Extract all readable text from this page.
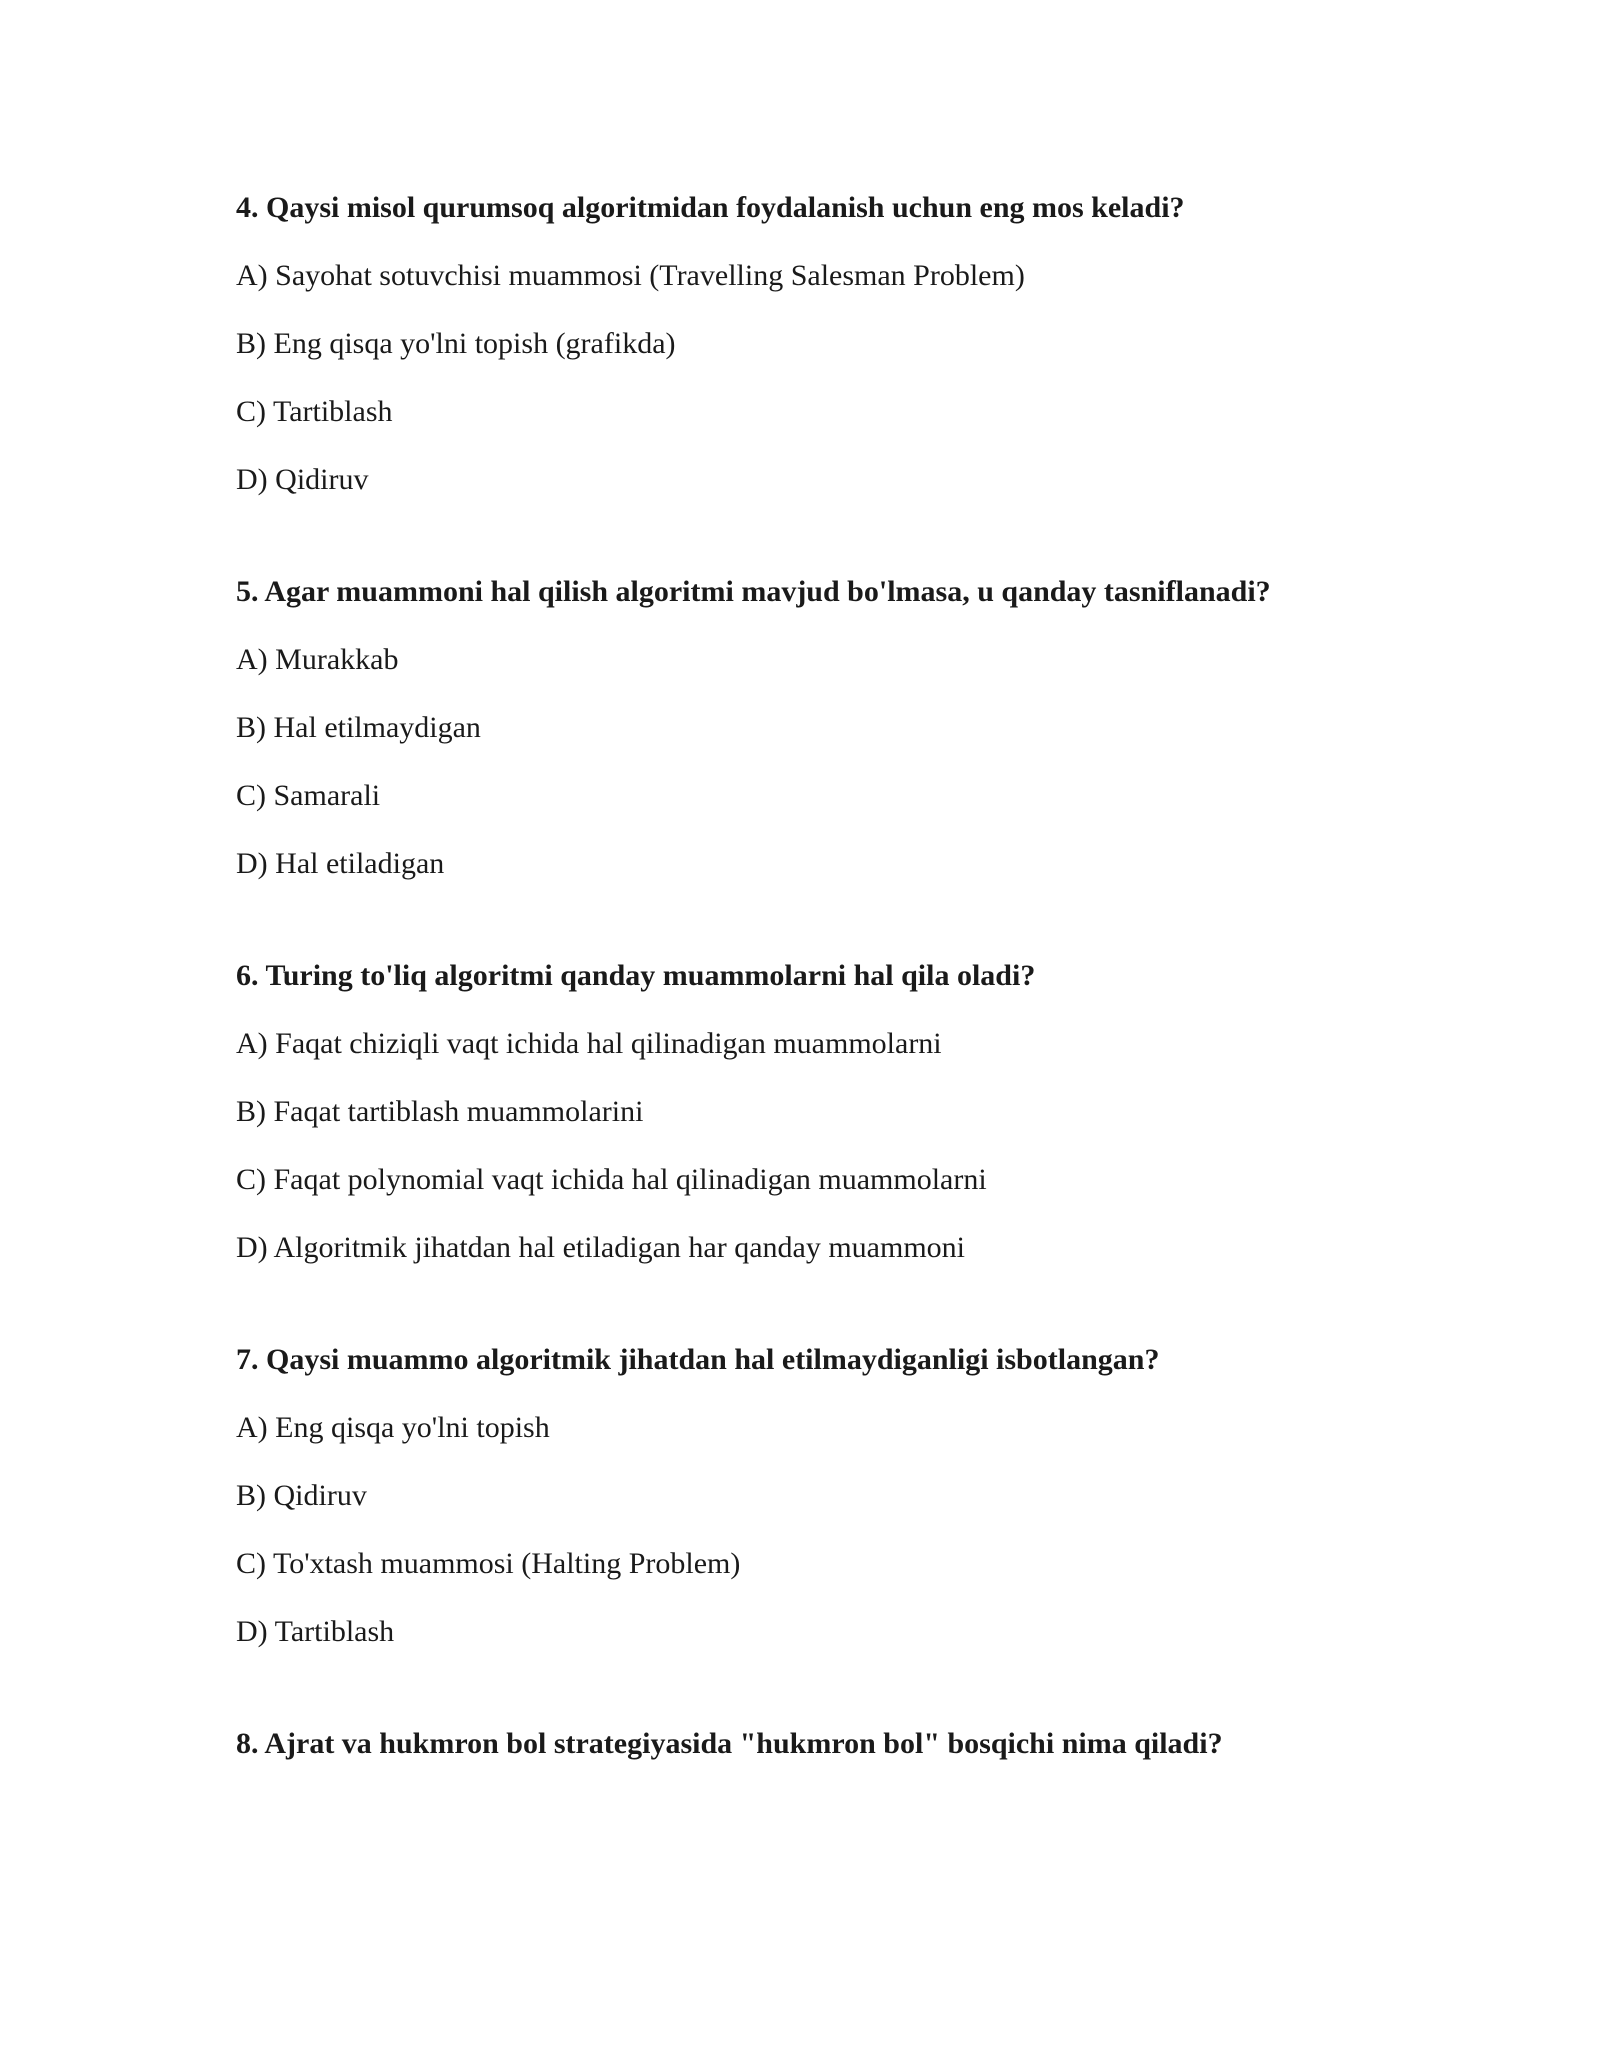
4. Qaysi misol qurumsoq algoritmidan foydalanish uchun eng mos keladi?
A) Sayohat sotuvchisi muammosi (Travelling Salesman Problem)
B) Eng qisqa yo'lni topish (grafikda)
C) Tartiblash
D) Qidiruv
5. Agar muammoni hal qilish algoritmi mavjud bo'lmasa, u qanday tasniflanadi?
A) Murakkab
B) Hal etilmaydigan
C) Samarali
D) Hal etiladigan
6. Turing to'liq algoritmi qanday muammolarni hal qila oladi?
A) Faqat chiziqli vaqt ichida hal qilinadigan muammolarni
B) Faqat tartiblash muammolarini
C) Faqat polynomial vaqt ichida hal qilinadigan muammolarni
D) Algoritmik jihatdan hal etiladigan har qanday muammoni
7. Qaysi muammo algoritmik jihatdan hal etilmaydiganligi isbotlangan?
A) Eng qisqa yo'lni topish
B) Qidiruv
C) To'xtash muammosi (Halting Problem)
D) Tartiblash
8. Ajrat va hukmron bol strategiyasida "hukmron bol" bosqichi nima qiladi?
